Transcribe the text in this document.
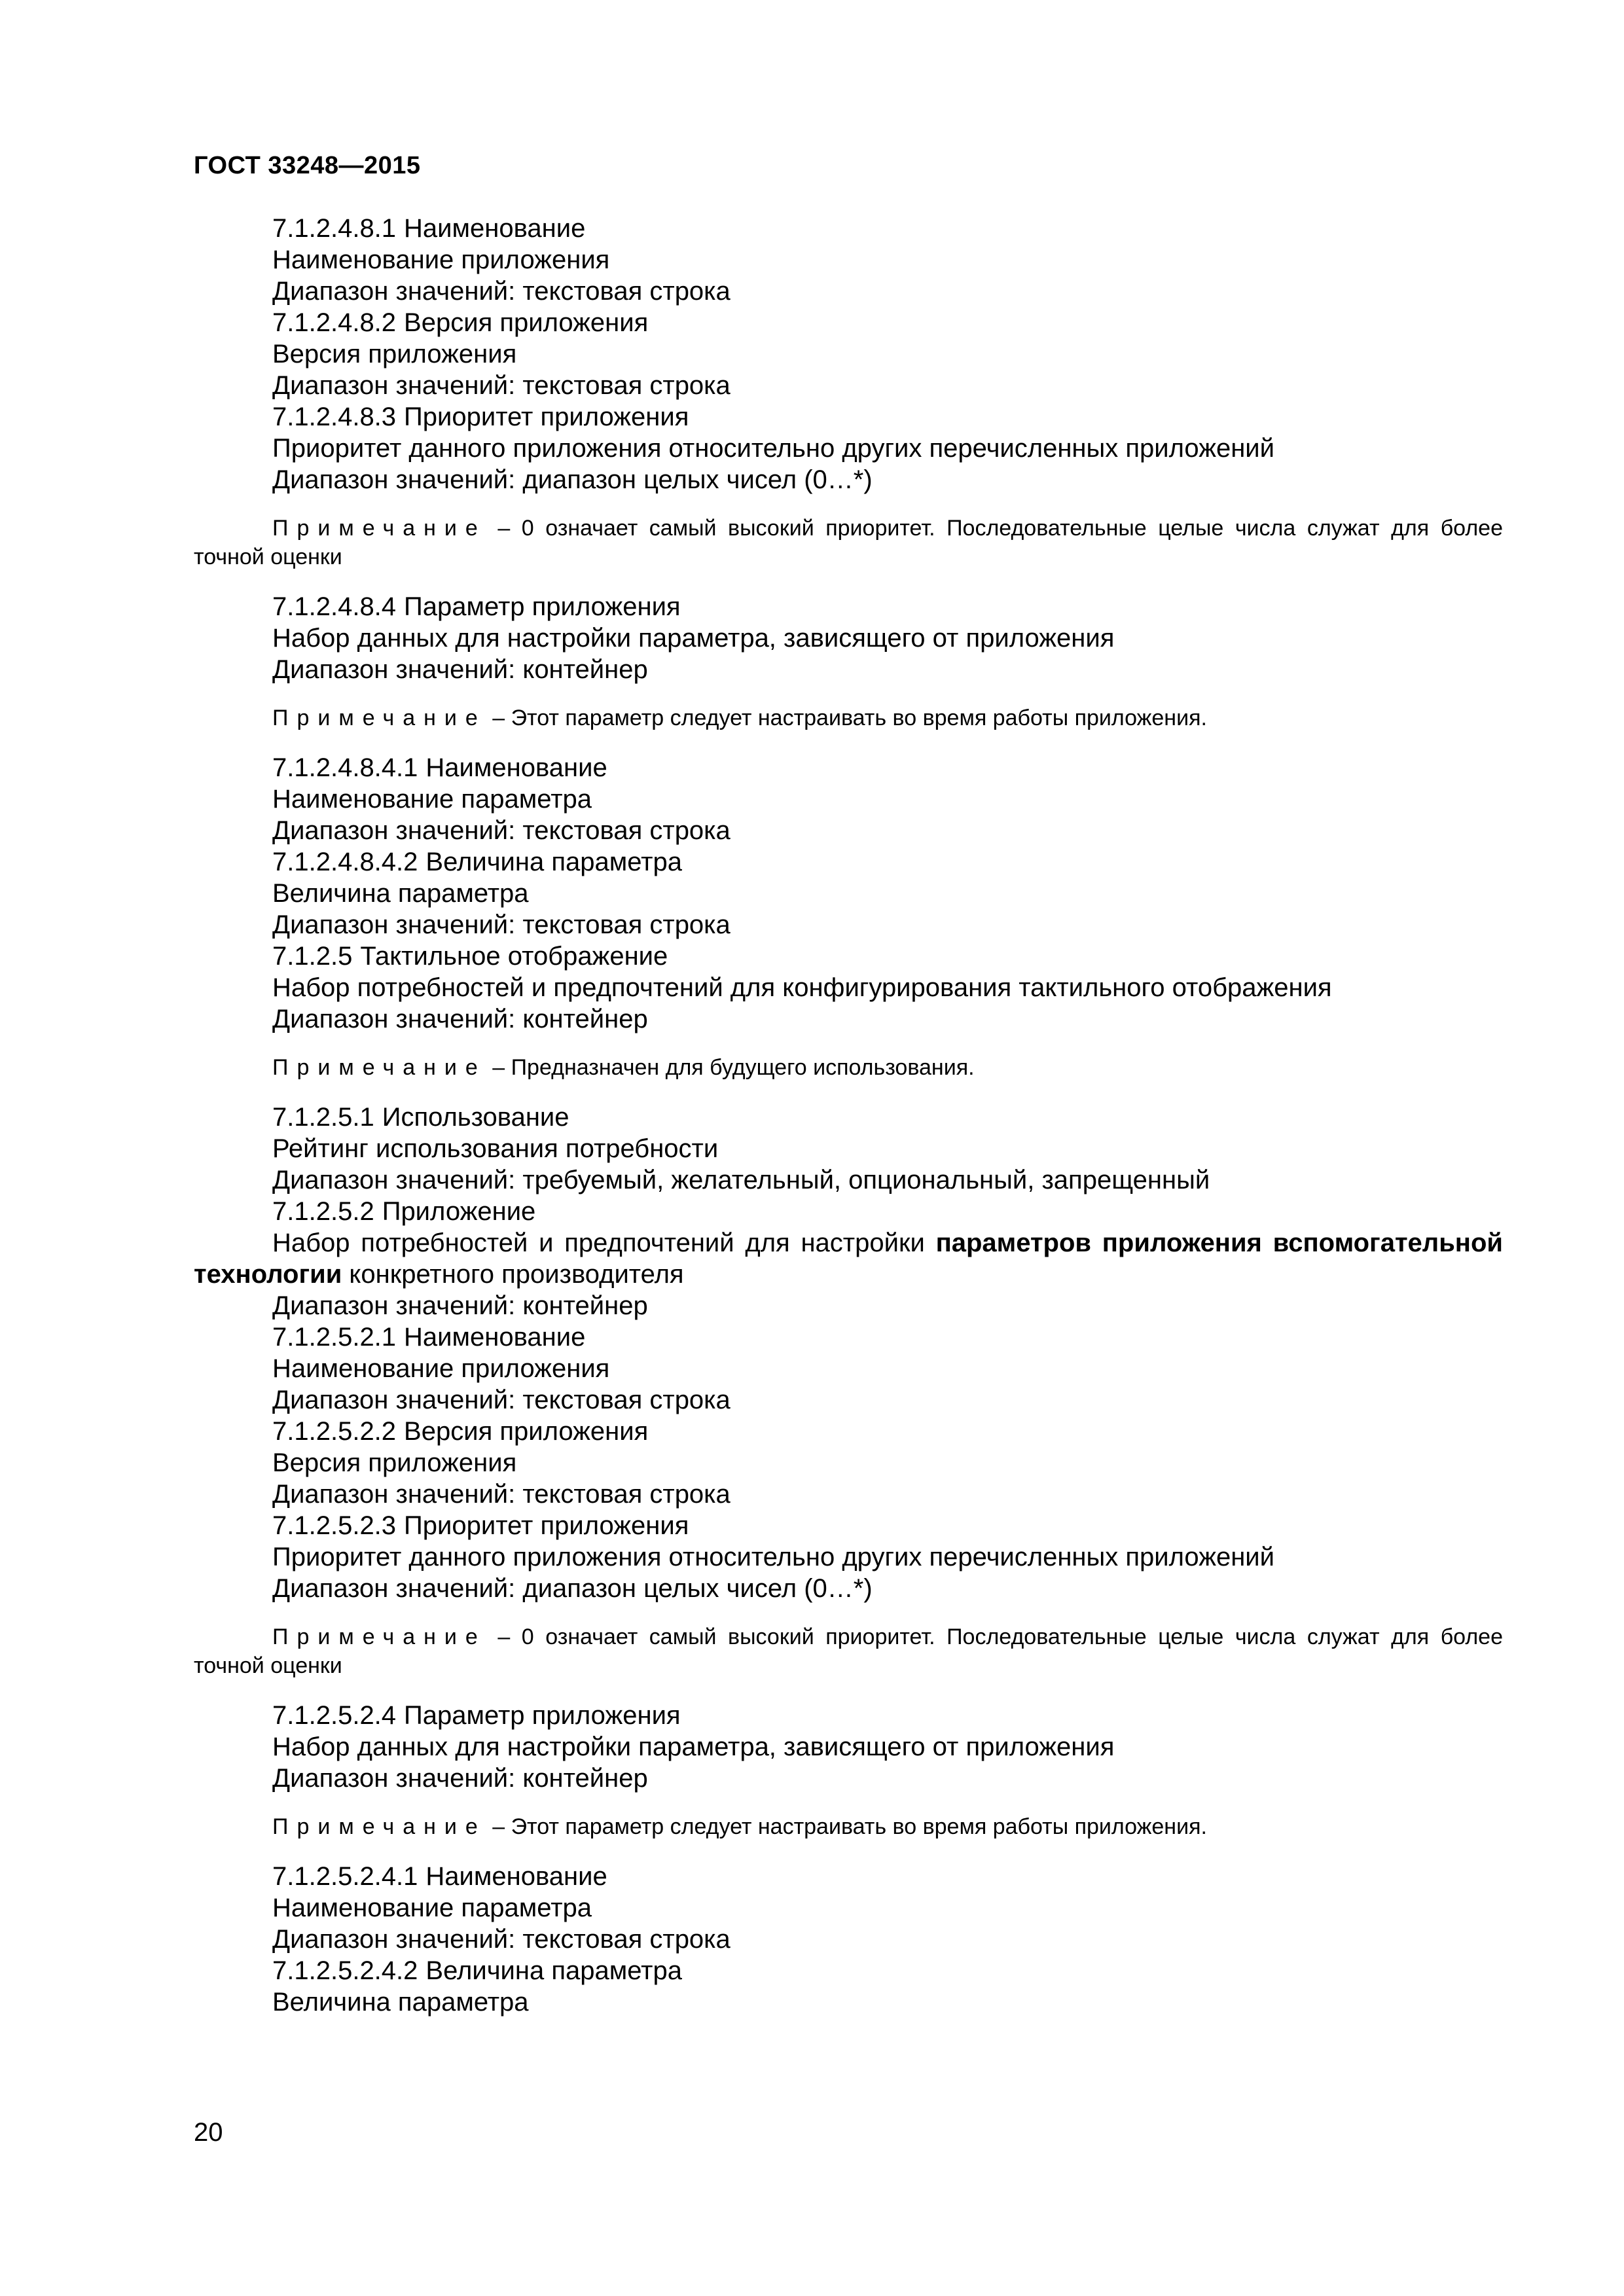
ГОСТ 33248—2015
7.1.2.4.8.1 Наименование
Наименование приложения
Диапазон значений: текстовая строка
7.1.2.4.8.2 Версия приложения
Версия приложения
Диапазон значений: текстовая строка
7.1.2.4.8.3 Приоритет приложения
Приоритет данного приложения относительно других перечисленных приложений
Диапазон значений: диапазон целых чисел (0…*)
Примечание – 0 означает самый высокий приоритет. Последовательные целые числа служат для более точной оценки
7.1.2.4.8.4 Параметр приложения
Набор данных для настройки параметра, зависящего от приложения
Диапазон значений: контейнер
Примечание – Этот параметр следует настраивать во время работы приложения.
7.1.2.4.8.4.1 Наименование
Наименование параметра
Диапазон значений: текстовая строка
7.1.2.4.8.4.2 Величина параметра
Величина параметра
Диапазон значений: текстовая строка
7.1.2.5 Тактильное отображение
Набор потребностей и предпочтений для конфигурирования тактильного отображения
Диапазон значений: контейнер
Примечание – Предназначен для будущего использования.
7.1.2.5.1 Использование
Рейтинг использования потребности
Диапазон значений: требуемый, желательный, опциональный, запрещенный
7.1.2.5.2 Приложение
Набор потребностей и предпочтений для настройки параметров приложения вспомогательной технологии конкретного производителя
Диапазон значений: контейнер
7.1.2.5.2.1 Наименование
Наименование приложения
Диапазон значений: текстовая строка
7.1.2.5.2.2 Версия приложения
Версия приложения
Диапазон значений: текстовая строка
7.1.2.5.2.3 Приоритет приложения
Приоритет данного приложения относительно других перечисленных приложений
Диапазон значений: диапазон целых чисел (0…*)
Примечание – 0 означает самый высокий приоритет. Последовательные целые числа служат для более точной оценки
7.1.2.5.2.4 Параметр приложения
Набор данных для настройки параметра, зависящего от приложения
Диапазон значений: контейнер
Примечание – Этот параметр следует настраивать во время работы приложения.
7.1.2.5.2.4.1 Наименование
Наименование параметра
Диапазон значений: текстовая строка
7.1.2.5.2.4.2 Величина параметра
Величина параметра
20
